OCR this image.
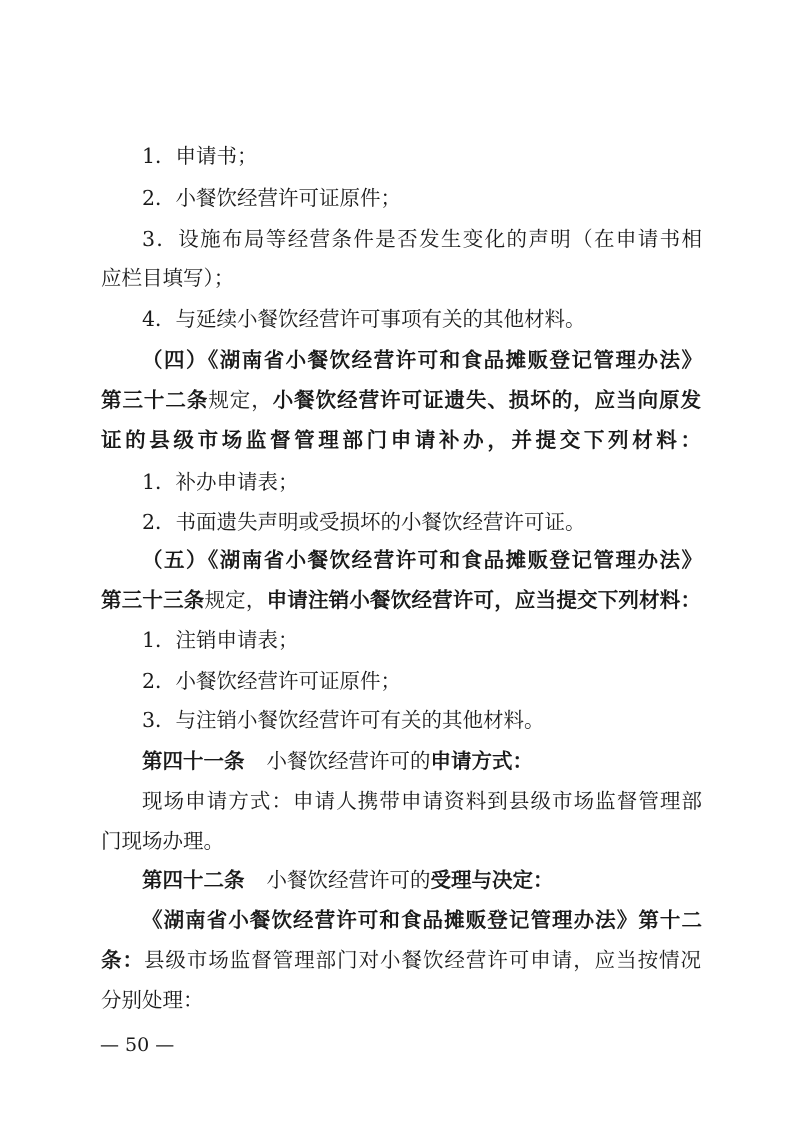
1．申请书；
2．小餐饮经营许可证原件；
3．设施布局等经营条件是否发生变化的声明（在申请书相
应栏目填写）；
4．与延续小餐饮经营许可事项有关的其他材料。
（四）《湖南省小餐饮经营许可和食品摊贩登记管理办法》
第三十二条规定，小餐饮经营许可证遗失、损坏的，应当向原发
证的县级市场监督管理部门申请补办，并提交下列材料：
1．补办申请表；
2．书面遗失声明或受损坏的小餐饮经营许可证。
（五）《湖南省小餐饮经营许可和食品摊贩登记管理办法》
第三十三条规定，申请注销小餐饮经营许可，应当提交下列材料：
1．注销申请表；
2．小餐饮经营许可证原件；
3．与注销小餐饮经营许可有关的其他材料。
第四十一条 小餐饮经营许可的申请方式：
现场申请方式：申请人携带申请资料到县级市场监督管理部
门现场办理。
第四十二条 小餐饮经营许可的受理与决定：
《湖南省小餐饮经营许可和食品摊贩登记管理办法》第十二
条：县级市场监督管理部门对小餐饮经营许可申请，应当按情况
分别处理：
— 50 —
